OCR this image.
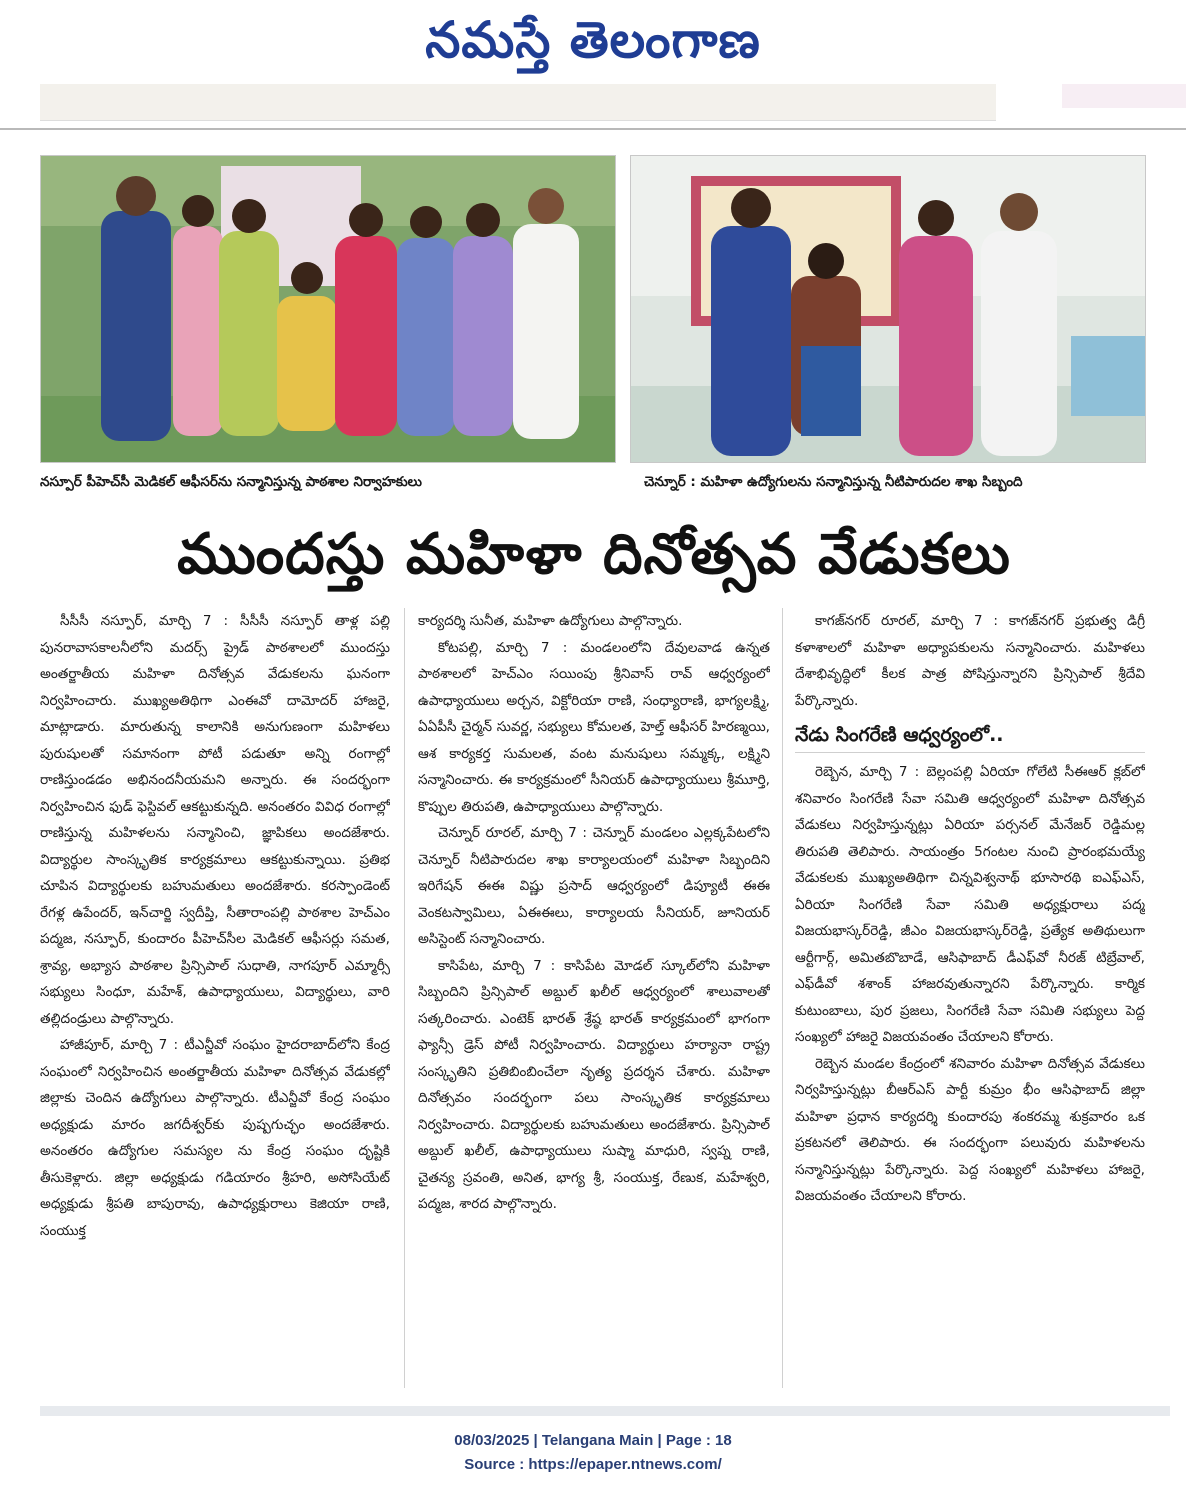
నమస్తే తెలంగాణ
నస్పూర్ పీహెచ్‌సీ మెడికల్ ఆఫీసర్‌ను సన్మానిస్తున్న పాఠశాల నిర్వాహకులు	చెన్నూర్ : మహిళా ఉద్యోగులను సన్మానిస్తున్న నీటిపారుదల శాఖ సిబ్బంది
ముందస్తు మహిళా దినోత్సవ వేడుకలు

సీసీసీ నస్పూర్, మార్చి 7 : సీసీసీ నస్పూర్ తాళ్ల పల్లి పునరావాసకాలనీలోని మదర్స్ ప్రైడ్ పాఠశాలలో ముందస్తు అంతర్జాతీయ మహిళా దినోత్సవ వేడుకలను ఘనంగా నిర్వహించారు. ముఖ్యఅతిథిగా ఎంఈవో దామోదర్ హాజరై, మాట్లాడారు. మారుతున్న కాలానికి అనుగుణంగా మహిళలు పురుషులతో సమానంగా పోటీ పడుతూ అన్ని రంగాల్లో రాణిస్తుండడం అభినందనీయమని అన్నారు. ఈ సందర్భంగా నిర్వహించిన ఫుడ్ ఫెస్టివల్ ఆకట్టుకున్నది. అనంతరం వివిధ రంగాల్లో రాణిస్తున్న మహిళలను సన్మానించి, జ్ఞాపికలు అందజేశారు. విద్యార్థుల సాంస్కృతిక కార్యక్రమాలు ఆకట్టుకున్నాయి. ప్రతిభ చూపిన విద్యార్థులకు బహుమతులు అందజేశారు. కరస్పాండెంట్ రేగళ్ల ఉపేందర్, ఇన్‌చార్జి స్వదీప్తి, సీతారాంపల్లి పాఠశాల హెచ్‌ఎం పద్మజ, నస్పూర్, కుందారం పీహెచ్‌సీల మెడికల్ ఆఫీసర్లు సమత, శ్రావ్య, అభ్యాస పాఠశాల ప్రిన్సిపాల్ సుధాతి, నాగపూర్ ఎమ్మార్సీ సభ్యులు సింధూ, మహేశ్, ఉపాధ్యాయులు, విద్యార్థులు, వారి తల్లిదండ్రులు పాల్గొన్నారు.

హాజీపూర్, మార్చి 7 : టీఎన్జీవో సంఘం హైదరాబాద్‌లోని కేంద్ర సంఘంలో నిర్వహించిన అంతర్జాతీయ మహిళా దినోత్సవ వేడుకల్లో జిల్లాకు చెందిన ఉద్యోగులు పాల్గొన్నారు. టీఎన్జీవో కేంద్ర సంఘం అధ్యక్షుడు మారం జగదీశ్వర్‌కు పుష్పగుచ్ఛం అందజేశారు. అనంతరం ఉద్యోగుల సమస్యల ను కేంద్ర సంఘం దృష్టికి తీసుకెళ్లారు. జిల్లా అధ్యక్షుడు గడియారం శ్రీహరి, అసోసియేట్ అధ్యక్షుడు శ్రీపతి బాపురావు, ఉపాధ్యక్షురాలు కెజియా రాణి, సంయుక్త

కార్యదర్శి సునీత, మహిళా ఉద్యోగులు పాల్గొన్నారు.

కోటపల్లి, మార్చి 7 : మండలంలోని దేవులవాడ ఉన్నత పాఠశాలలో హెచ్‌ఎం సయింపు శ్రీనివాస్ రావ్ ఆధ్వర్యంలో ఉపాధ్యాయులు అర్చన, విక్టోరియా రాణి, సంధ్యారాణి, భాగ్యలక్ష్మి, ఏఏపీసీ చైర్మన్ సువర్ణ, సభ్యులు కోమలత, హెల్త్ ఆఫీసర్ హిరణ్మయి, ఆశ కార్యకర్త సుమలత, వంట మనుషులు సమ్మక్క, లక్ష్మిని సన్మానించారు. ఈ కార్యక్రమంలో సీనియర్ ఉపాధ్యాయులు శ్రీమూర్తి, కొప్పుల తిరుపతి, ఉపాధ్యాయులు పాల్గొన్నారు.

చెన్నూర్ రూరల్, మార్చి 7 : చెన్నూర్ మండలం ఎల్లక్కపేటలోని చెన్నూర్ నీటిపారుదల శాఖ కార్యాలయంలో మహిళా సిబ్బందిని ఇరిగేషన్ ఈఈ విష్ణు ప్రసాద్ ఆధ్వర్యంలో డిప్యూటీ ఈఈ వెంకటస్వామిలు, ఏఈఈలు, కార్యాలయ సీనియర్, జూనియర్ అసిస్టెంట్ సన్మానించారు.

కాసిపేట, మార్చి 7 : కాసిపేట మోడల్ స్కూల్‌లోని మహిళా సిబ్బందిని ప్రిన్సిపాల్ అబ్దుల్ ఖలీల్ ఆధ్వర్యంలో శాలువాలతో సత్కరించారు. ఎంటెక్ భారత్ శ్రేష్ఠ భారత్ కార్యక్రమంలో భాగంగా ఫ్యాన్సీ డ్రెస్ పోటీ నిర్వహించారు. విద్యార్థులు హర్యానా రాష్ట్ర సంస్కృతిని ప్రతిబింబించేలా నృత్య ప్రదర్శన చేశారు. మహిళా దినోత్సవం సందర్భంగా పలు సాంస్కృతిక కార్యక్రమాలు నిర్వహించారు. విద్యార్థులకు బహుమతులు అందజేశారు. ప్రిన్సిపాల్ అబ్దుల్ ఖలీల్, ఉపాధ్యాయులు సుష్మా మాధురి, స్వప్న రాణి, చైతన్య స్రవంతి, అనిత, భాగ్య శ్రీ, సంయుక్త, రేణుక, మహేశ్వరి, పద్మజ, శారద పాల్గొన్నారు.

కాగజ్‌నగర్ రూరల్, మార్చి 7 : కాగజ్‌నగర్ ప్రభుత్వ డిగ్రీ కళాశాలలో మహిళా అధ్యాపకులను సన్మానించారు. మహిళలు దేశాభివృద్ధిలో కీలక పాత్ర పోషిస్తున్నారని ప్రిన్సిపాల్ శ్రీదేవి పేర్కొన్నారు.

నేడు సింగరేణి ఆధ్వర్యంలో..

రెబ్బెన, మార్చి 7 : బెల్లంపల్లి ఏరియా గోలేటి సీఈఆర్ క్లబ్‌లో శనివారం సింగరేణి సేవా సమితి ఆధ్వర్యంలో మహిళా దినోత్సవ వేడుకలు నిర్వహిస్తున్నట్లు ఏరియా పర్సనల్ మేనేజర్ రెడ్డిమల్ల తిరుపతి తెలిపారు. సాయంత్రం 5గంటల నుంచి ప్రారంభమయ్యే వేడుకలకు ముఖ్యఅతిథిగా చిన్నవిశ్వనాథ్ భూసారథి ఐఎఫ్‌ఎస్, ఏరియా సింగరేణి సేవా సమితి అధ్యక్షురాలు పద్మ విజయభాస్కర్‌రెడ్డి, జీఎం విజయభాస్కర్‌రెడ్డి, ప్రత్యేక అతిథులుగా ఆర్టీగార్గ్, అమితబొబాడే, ఆసిఫాబాద్ డీఎఫ్‌వో నీరజ్ టిబ్రేవాల్, ఎఫ్‌డీవో శశాంక్ హాజరవుతున్నారని పేర్కొన్నారు. కార్మిక కుటుంబాలు, పుర ప్రజలు, సింగరేణి సేవా సమితి సభ్యులు పెద్ద సంఖ్యలో హాజరై విజయవంతం చేయాలని కోరారు.

రెబ్బెన మండల కేంద్రంలో శనివారం మహిళా దినోత్సవ వేడుకలు నిర్వహిస్తున్నట్లు బీఆర్‌ఎస్ పార్టీ కుమ్రం భీం ఆసిఫాబాద్ జిల్లా మహిళా ప్రధాన కార్యదర్శి కుందారపు శంకరమ్మ శుక్రవారం ఒక ప్రకటనలో తెలిపారు. ఈ సందర్భంగా పలువురు మహిళలను సన్మానిస్తున్నట్లు పేర్కొన్నారు. పెద్ద సంఖ్యలో మహిళలు హాజరై, విజయవంతం చేయాలని కోరారు.

08/03/2025 | Telangana Main | Page : 18
Source : https://epaper.ntnews.com/
